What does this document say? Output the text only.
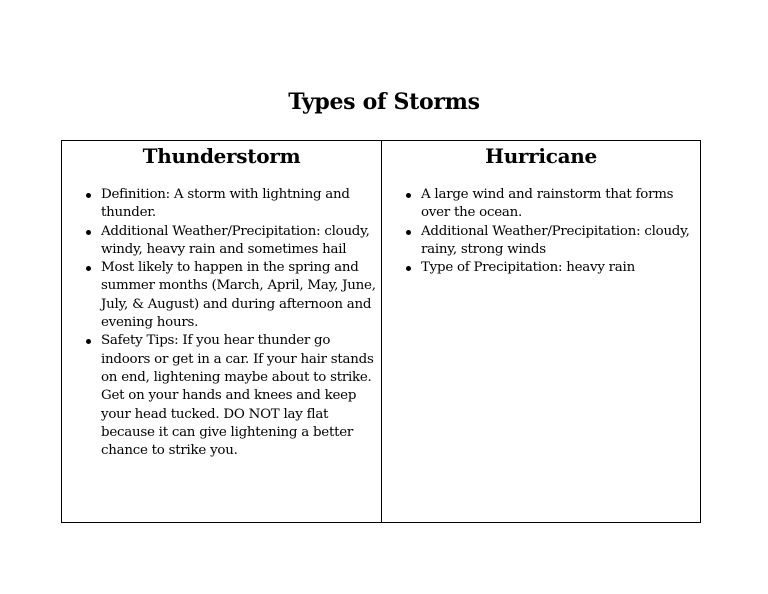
Types of Storms
Thunderstorm
Definition: A storm with lightning and thunder.
Additional Weather/Precipitation: cloudy, windy, heavy rain and sometimes hail
Most likely to happen in the spring and summer months (March, April, May, June, July, & August) and during afternoon and evening hours.
Safety Tips: If you hear thunder go indoors or get in a car. If your hair stands on end, lightening maybe about to strike. Get on your hands and knees and keep your head tucked. DO NOT lay flat because it can give lightening a better chance to strike you.
Hurricane
A large wind and rainstorm that forms over the ocean.
Additional Weather/Precipitation: cloudy, rainy, strong winds
Type of Precipitation: heavy rain
